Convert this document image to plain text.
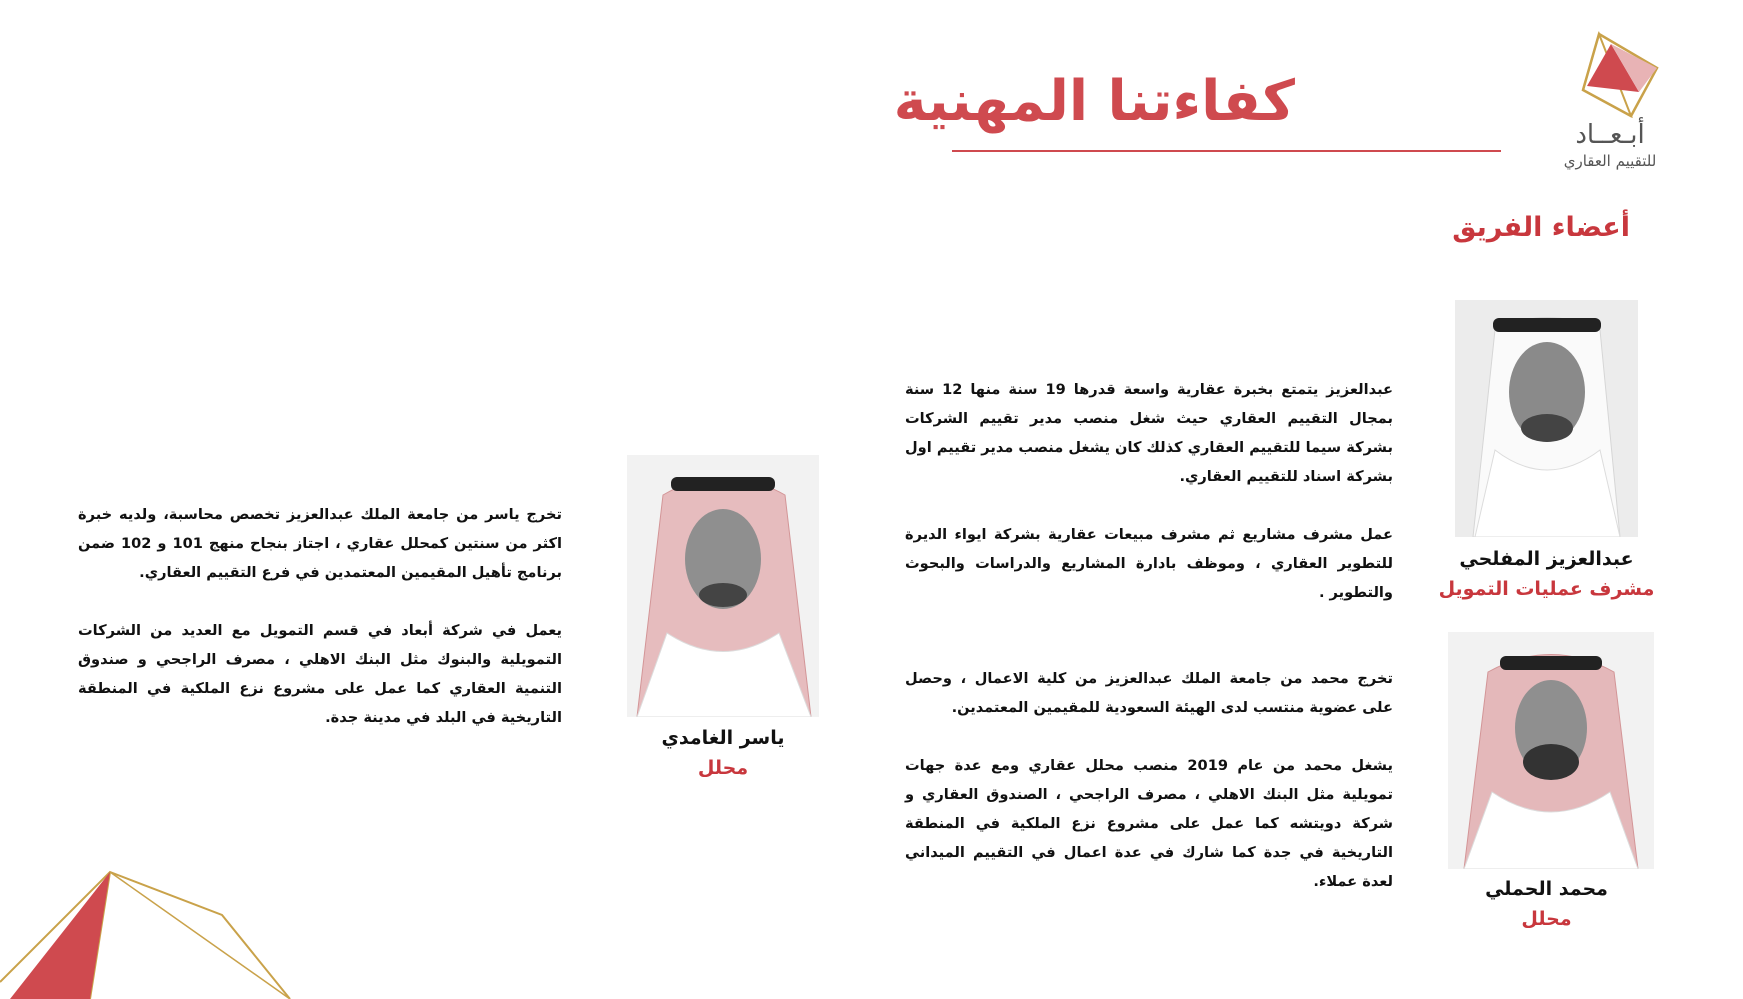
أبـعــاد
للتقييم العقاري
كفاءتنا المهنية
أعضاء الفريق
عبدالعزيز المفلحي
مشرف عمليات التمويل

عبدالعزيز يتمتع بخبرة عقارية واسعة قدرها 19 سنة منها 12 سنة بمجال التقييم العقاري حيث شغل منصب مدير تقييم الشركات بشركة سيما للتقييم العقاري كذلك كان يشغل منصب مدير تقييم اول بشركة اسناد للتقييم العقاري.

عمل مشرف مشاريع ثم مشرف مبيعات عقارية بشركة ايواء الديرة للتطوير العقاري ، وموظف بادارة المشاريع والدراسات والبحوث والتطوير .

محمد الحملي
محلل

تخرج محمد من جامعة الملك عبدالعزيز من كلية الاعمال ، وحصل على عضوية منتسب لدى الهيئة السعودية للمقيمين المعتمدين.

يشغل محمد من عام 2019 منصب محلل عقاري ومع عدة جهات تمويلية مثل البنك الاهلي ، مصرف الراجحي ، الصندوق العقاري و شركة دويتشه كما عمل على مشروع نزع الملكية في المنطقة التاريخية في جدة كما شارك في عدة اعمال في التقييم الميداني لعدة عملاء.

ياسر الغامدي
محلل

تخرج ياسر من جامعة الملك عبدالعزيز تخصص محاسبة، ولديه خبرة اكثر من سنتين كمحلل عقاري ، اجتاز بنجاح منهج 101 و 102 ضمن برنامج تأهيل المقيمين المعتمدين في فرع التقييم العقاري.

يعمل في شركة أبعاد في قسم التمويل مع العديد من الشركات التمويلية والبنوك مثل البنك الاهلي ، مصرف الراجحي و صندوق التنمية العقاري كما عمل على مشروع نزع الملكية في المنطقة التاريخية في البلد في مدينة جدة.
